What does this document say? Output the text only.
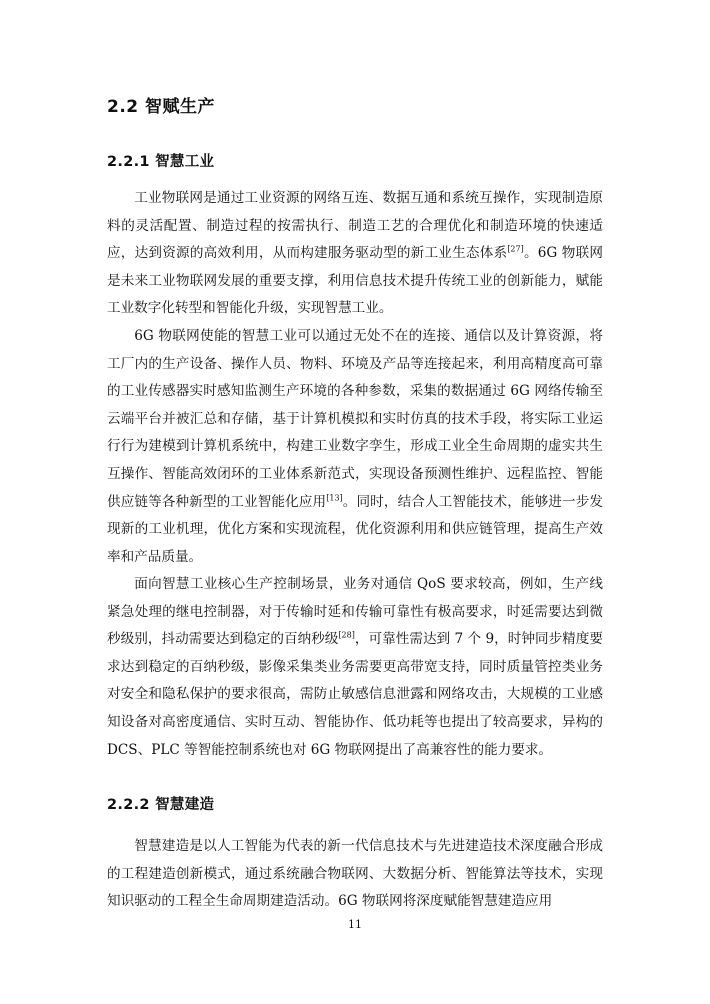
2.2 智赋生产
2.2.1 智慧工业

工业物联网是通过工业资源的网络互连、数据互通和系统互操作，实现制造原料的灵活配置、制造过程的按需执行、制造工艺的合理优化和制造环境的快速适应，达到资源的高效利用，从而构建服务驱动型的新工业生态体系[27]。6G 物联网是未来工业物联网发展的重要支撑，利用信息技术提升传统工业的创新能力，赋能工业数字化转型和智能化升级，实现智慧工业。

6G 物联网使能的智慧工业可以通过无处不在的连接、通信以及计算资源，将工厂内的生产设备、操作人员、物料、环境及产品等连接起来，利用高精度高可靠的工业传感器实时感知监测生产环境的各种参数，采集的数据通过 6G 网络传输至云端平台并被汇总和存储，基于计算机模拟和实时仿真的技术手段，将实际工业运行行为建模到计算机系统中，构建工业数字孪生，形成工业全生命周期的虚实共生互操作、智能高效闭环的工业体系新范式，实现设备预测性维护、远程监控、智能供应链等各种新型的工业智能化应用[13]。同时，结合人工智能技术，能够进一步发现新的工业机理，优化方案和实现流程，优化资源利用和供应链管理，提高生产效率和产品质量。

面向智慧工业核心生产控制场景，业务对通信 QoS 要求较高，例如，生产线紧急处理的继电控制器，对于传输时延和传输可靠性有极高要求，时延需要达到微秒级别，抖动需要达到稳定的百纳秒级[28]，可靠性需达到 7 个 9，时钟同步精度要求达到稳定的百纳秒级，影像采集类业务需要更高带宽支持，同时质量管控类业务对安全和隐私保护的要求很高，需防止敏感信息泄露和网络攻击，大规模的工业感知设备对高密度通信、实时互动、智能协作、低功耗等也提出了较高要求，异构的 DCS、PLC 等智能控制系统也对 6G 物联网提出了高兼容性的能力要求。

2.2.2 智慧建造

智慧建造是以人工智能为代表的新一代信息技术与先进建造技术深度融合形成的工程建造创新模式，通过系统融合物联网、大数据分析、智能算法等技术，实现知识驱动的工程全生命周期建造活动。6G 物联网将深度赋能智慧建造应用

11
